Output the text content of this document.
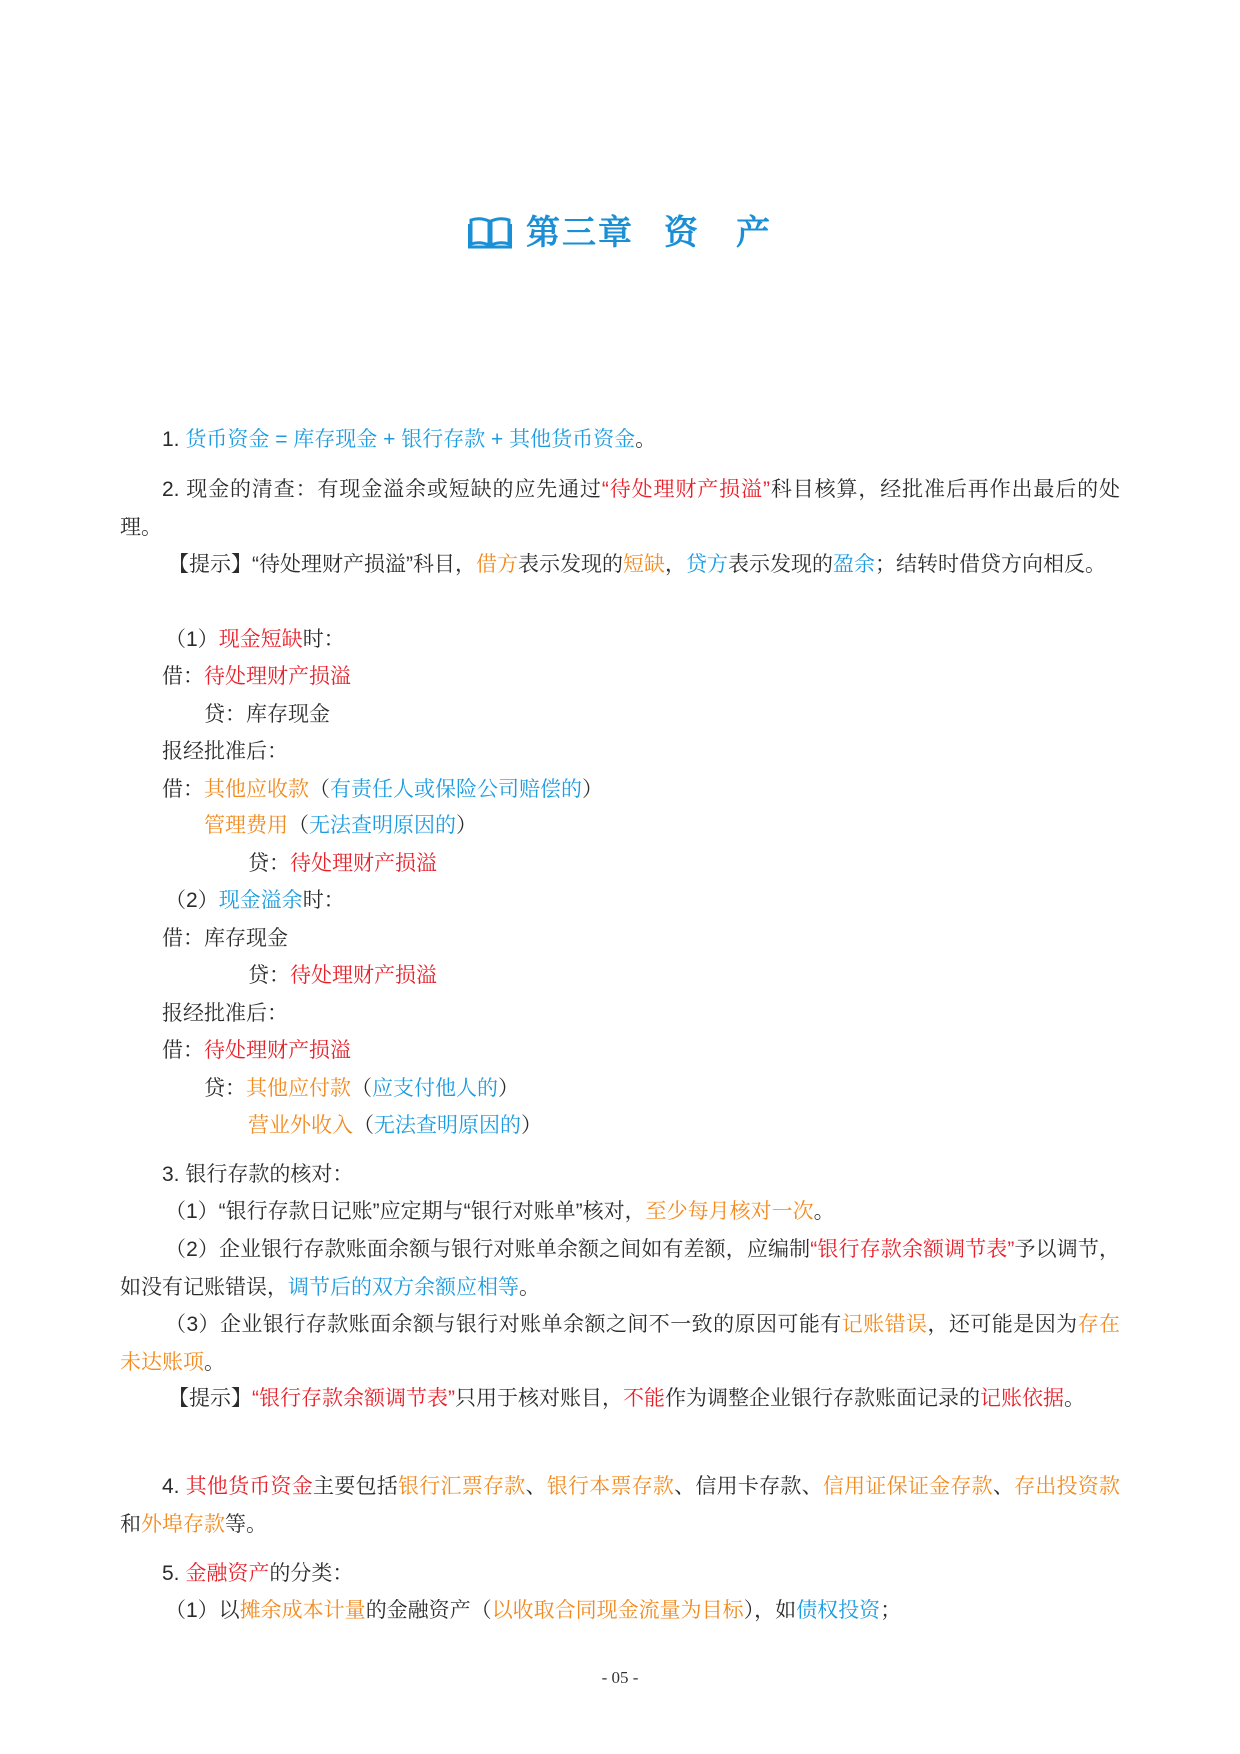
第三章 资　产
1. 货币资金 = 库存现金 + 银行存款 + 其他货币资金。
2. 现金的清查：有现金溢余或短缺的应先通过“待处理财产损溢”科目核算，经批准后再作出最后的处理。
【提示】“待处理财产损溢”科目，借方表示发现的短缺，贷方表示发现的盈余；结转时借贷方向相反。
（1）现金短缺时：
借：待处理财产损溢
贷：库存现金
报经批准后：
借：其他应收款（有责任人或保险公司赔偿的）
管理费用（无法查明原因的）
贷：待处理财产损溢
（2）现金溢余时：
借：库存现金
贷：待处理财产损溢
报经批准后：
借：待处理财产损溢
贷：其他应付款（应支付他人的）
营业外收入（无法查明原因的）
3. 银行存款的核对：
（1）“银行存款日记账”应定期与“银行对账单”核对，至少每月核对一次。
（2）企业银行存款账面余额与银行对账单余额之间如有差额，应编制“银行存款余额调节表”予以调节，如没有记账错误，调节后的双方余额应相等。
（3）企业银行存款账面余额与银行对账单余额之间不一致的原因可能有记账错误，还可能是因为存在未达账项。
【提示】“银行存款余额调节表”只用于核对账目，不能作为调整企业银行存款账面记录的记账依据。
4. 其他货币资金主要包括银行汇票存款、银行本票存款、信用卡存款、信用证保证金存款、存出投资款和外埠存款等。
5. 金融资产的分类：
（1）以摊余成本计量的金融资产（以收取合同现金流量为目标），如债权投资；
- 05 -
